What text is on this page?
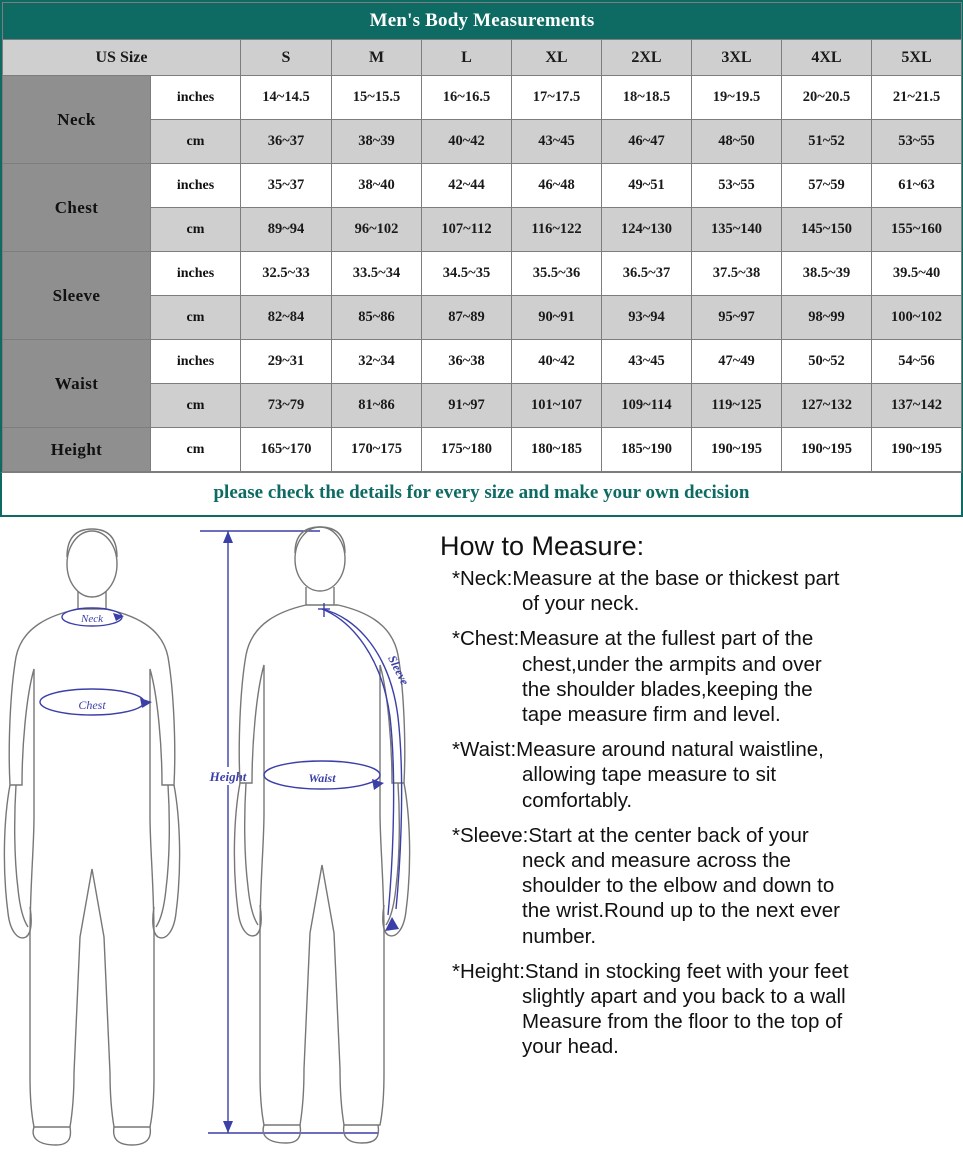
Men's Body Measurements									
US Size		S	M	L	XL	2XL	3XL	4XL	5XL
Neck	inches	14~14.5	15~15.5	16~16.5	17~17.5	18~18.5	19~19.5	20~20.5	21~21.5
	cm	36~37	38~39	40~42	43~45	46~47	48~50	51~52	53~55
Chest	inches	35~37	38~40	42~44	46~48	49~51	53~55	57~59	61~63
	cm	89~94	96~102	107~112	116~122	124~130	135~140	145~150	155~160
Sleeve	inches	32.5~33	33.5~34	34.5~35	35.5~36	36.5~37	37.5~38	38.5~39	39.5~40
	cm	82~84	85~86	87~89	90~91	93~94	95~97	98~99	100~102
Waist	inches	29~31	32~34	36~38	40~42	43~45	47~49	50~52	54~56
	cm	73~79	81~86	91~97	101~107	109~114	119~125	127~132	137~142
Height	cm	165~170	170~175	175~180	180~185	185~190	190~195	190~195	190~195
please check the details for every size and make your own decision
Neck
Chest
Height
Sleeve
Waist
How to Measure:
*Neck:Measure at the base or thickest part
of your neck.
*Chest:Measure at the fullest part of the
chest,under the armpits and over
the shoulder blades,keeping the
tape measure firm and level.
*Waist:Measure around natural waistline,
allowing tape measure to sit
comfortably.
*Sleeve:Start at the center back of your
neck and measure across the
shoulder to the elbow and down to
the wrist.Round up to the next ever
number.
*Height:Stand in stocking feet with your feet
slightly apart and you back to a wall
Measure from the floor to the top of
your head.
